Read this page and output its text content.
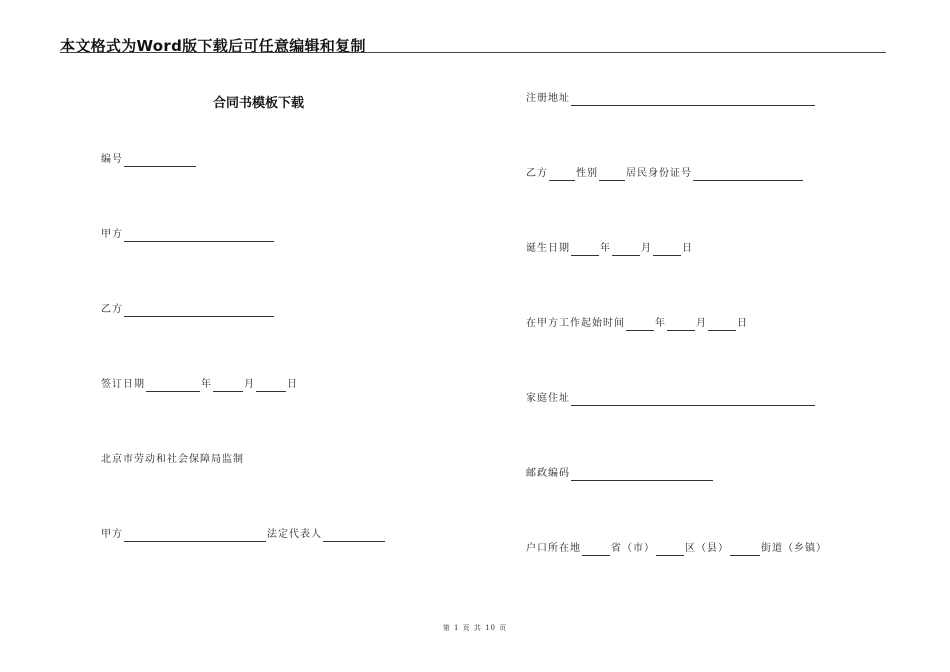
本文格式为Word版下载后可任意编辑和复制
合同书模板下载
编号
甲方
乙方
签订日期	年	月	日
北京市劳动和社会保障局监制
甲方	法定代表人
注册地址
乙方	性别	居民身份证号
诞生日期	年	月	日
在甲方工作起始时间	年	月	日
家庭住址
邮政编码
户口所在地	省（市）	区（县）	街道（乡镇）
第 1 页 共 10 页
